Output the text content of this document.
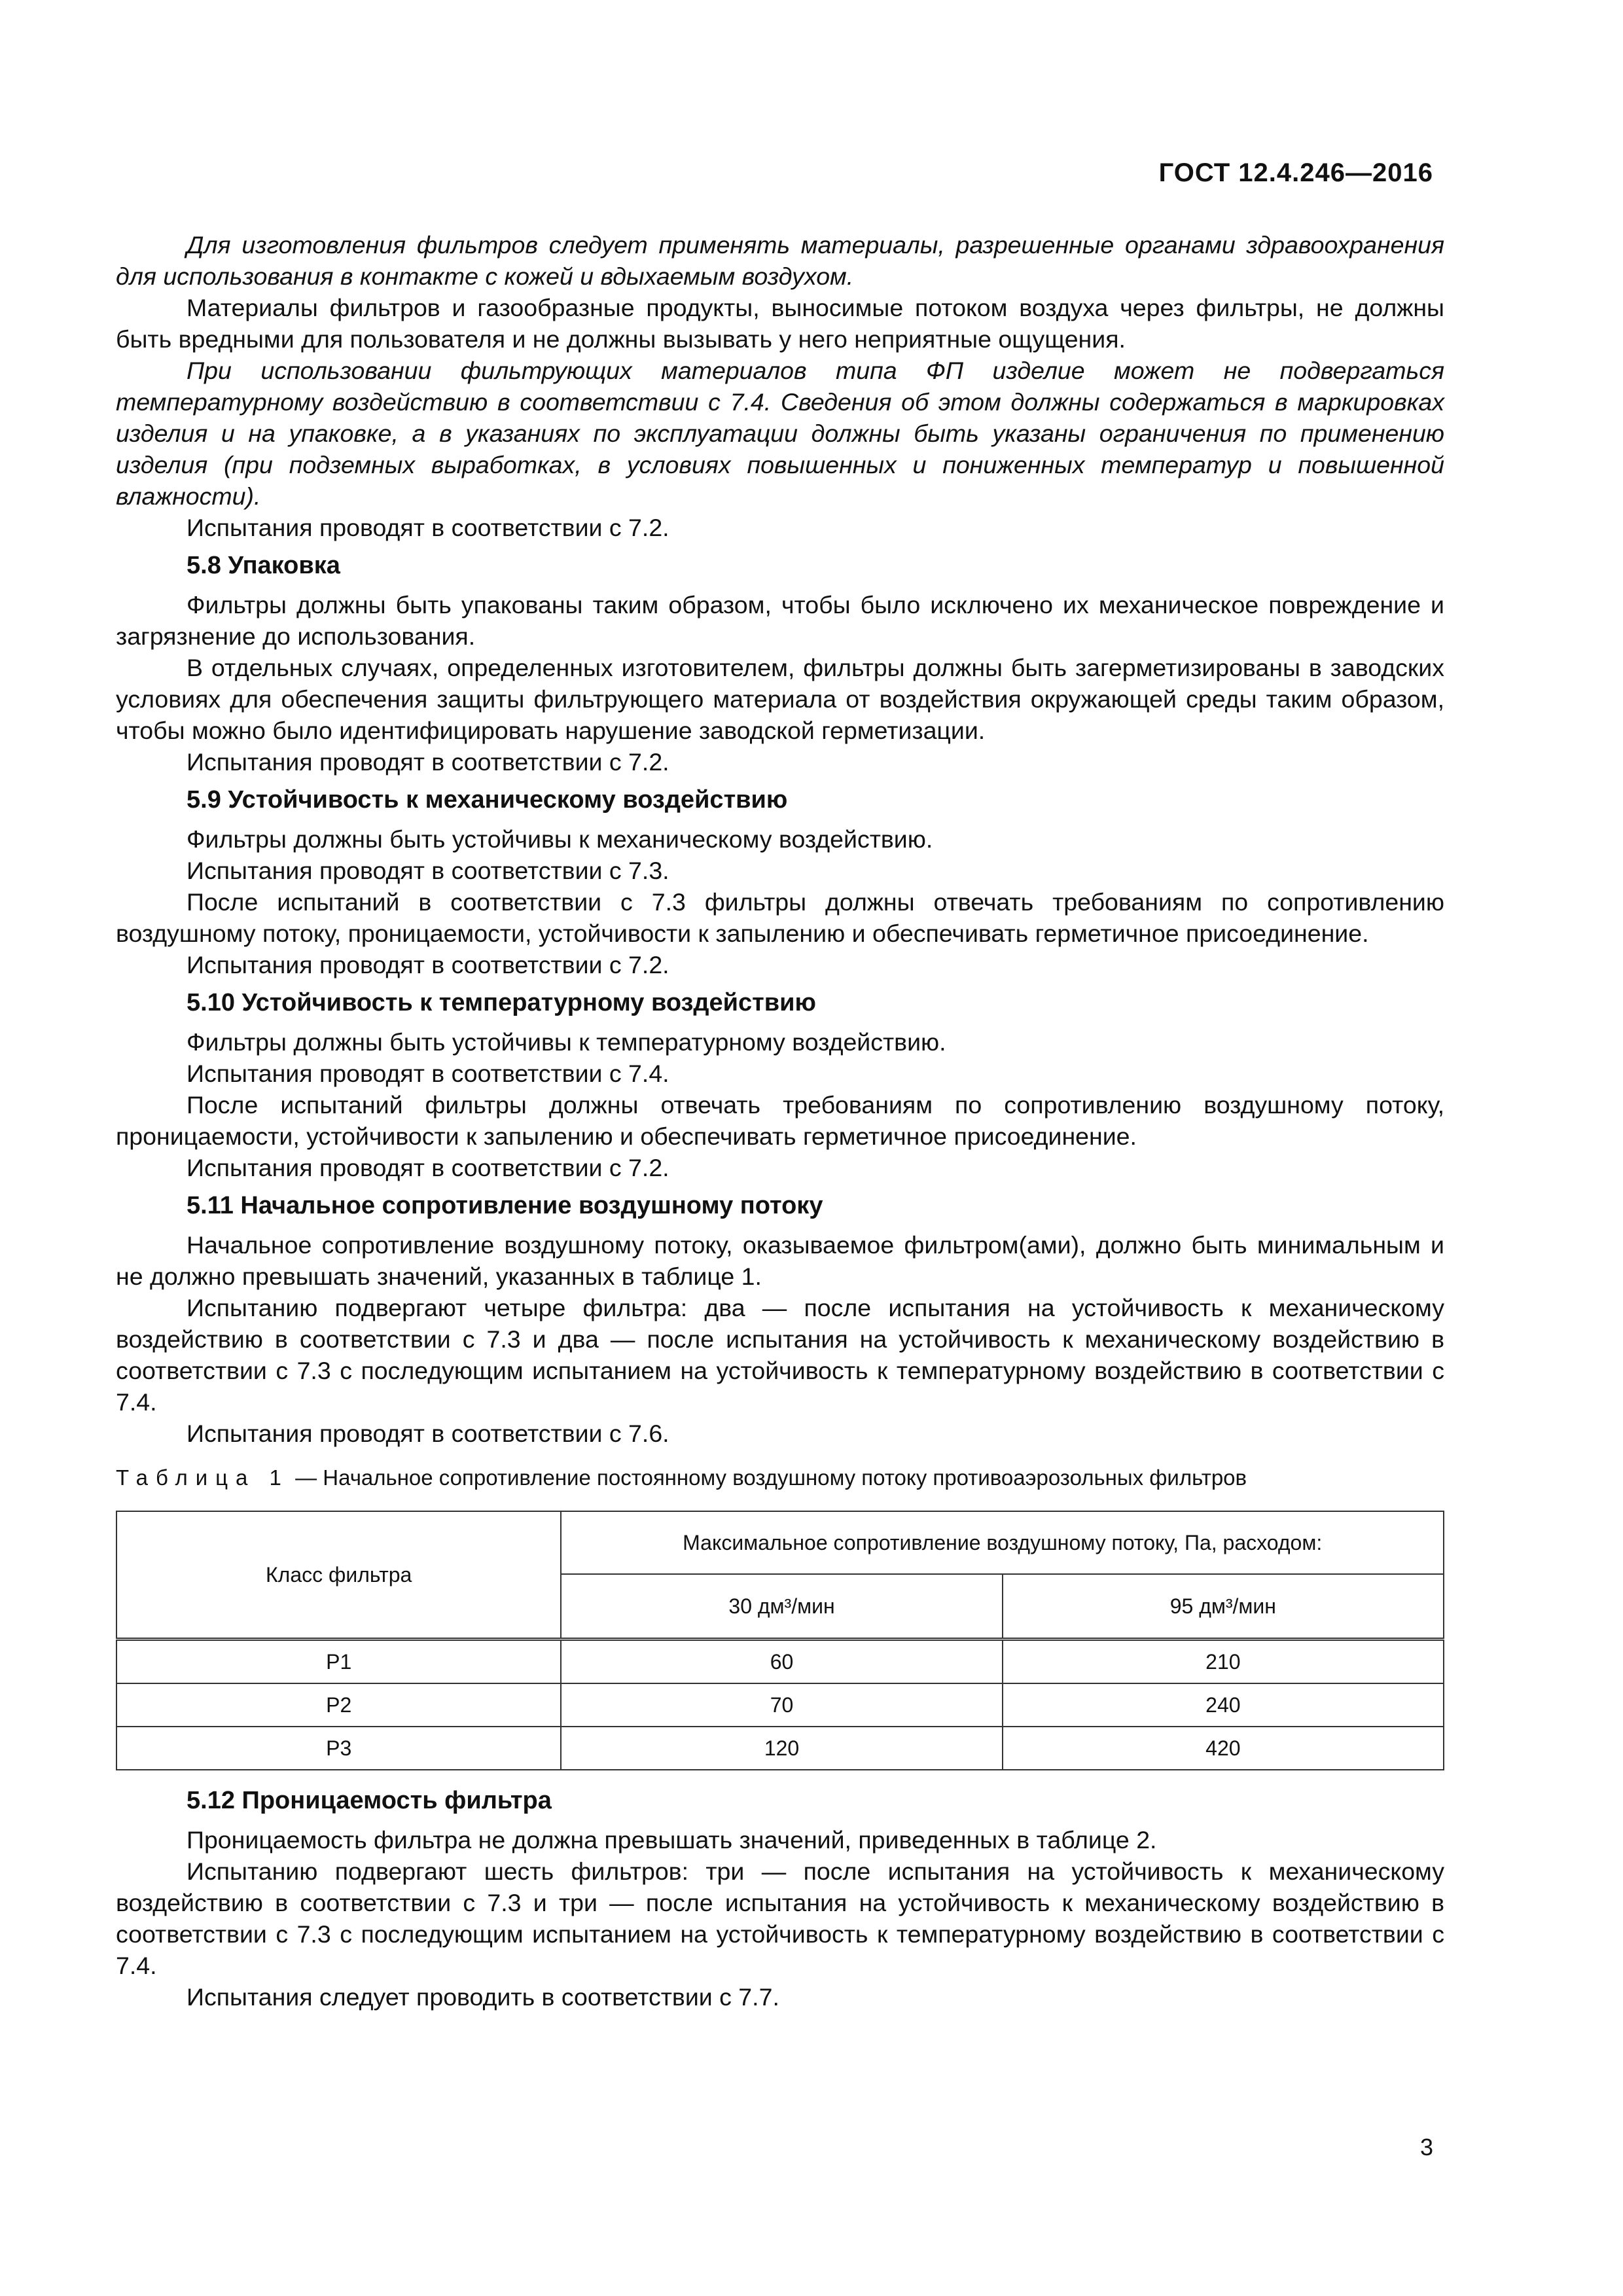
ГОСТ 12.4.246—2016

Для изготовления фильтров следует применять материалы, разрешенные органами здравоохранения для использования в контакте с кожей и вдыхаемым воздухом.

Материалы фильтров и газообразные продукты, выносимые потоком воздуха через фильтры, не должны быть вредными для пользователя и не должны вызывать у него неприятные ощущения.

При использовании фильтрующих материалов типа ФП изделие может не подвергаться температурному воздействию в соответствии с 7.4. Сведения об этом должны содержаться в маркировках изделия и на упаковке, а в указаниях по эксплуатации должны быть указаны ограничения по применению изделия (при подземных выработках, в условиях повышенных и пониженных температур и повышенной влажности).

Испытания проводят в соответствии с 7.2.

5.8 Упаковка

Фильтры должны быть упакованы таким образом, чтобы было исключено их механическое повреждение и загрязнение до использования.

В отдельных случаях, определенных изготовителем, фильтры должны быть загерметизированы в заводских условиях для обеспечения защиты фильтрующего материала от воздействия окружающей среды таким образом, чтобы можно было идентифицировать нарушение заводской герметизации.

Испытания проводят в соответствии с 7.2.

5.9 Устойчивость к механическому воздействию

Фильтры должны быть устойчивы к механическому воздействию.

Испытания проводят в соответствии с 7.3.

После испытаний в соответствии с 7.3 фильтры должны отвечать требованиям по сопротивлению воздушному потоку, проницаемости, устойчивости к запылению и обеспечивать герметичное присоединение.

Испытания проводят в соответствии с 7.2.

5.10 Устойчивость к температурному воздействию

Фильтры должны быть устойчивы к температурному воздействию.

Испытания проводят в соответствии с 7.4.

После испытаний фильтры должны отвечать требованиям по сопротивлению воздушному потоку, проницаемости, устойчивости к запылению и обеспечивать герметичное присоединение.

Испытания проводят в соответствии с 7.2.

5.11 Начальное сопротивление воздушному потоку

Начальное сопротивление воздушному потоку, оказываемое фильтром(ами), должно быть минимальным и не должно превышать значений, указанных в таблице 1.

Испытанию подвергают четыре фильтра: два — после испытания на устойчивость к механическому воздействию в соответствии с 7.3 и два — после испытания на устойчивость к механическому воздействию в соответствии с 7.3 с последующим испытанием на устойчивость к температурному воздействию в соответствии с 7.4.

Испытания проводят в соответствии с 7.6.

Таблица 1 — Начальное сопротивление постоянному воздушному потоку противоаэрозольных фильтров
Класс фильтра	Максимальное сопротивление воздушному потоку, Па, расходом:	
	30 дм³/мин	95 дм³/мин
P1	60	210
P2	70	240
P3	120	420
5.12 Проницаемость фильтра

Проницаемость фильтра не должна превышать значений, приведенных в таблице 2.

Испытанию подвергают шесть фильтров: три — после испытания на устойчивость к механическому воздействию в соответствии с 7.3 и три — после испытания на устойчивость к механическому воздействию в соответствии с 7.3 с последующим испытанием на устойчивость к температурному воздействию в соответствии с 7.4.

Испытания следует проводить в соответствии с 7.7.

3
